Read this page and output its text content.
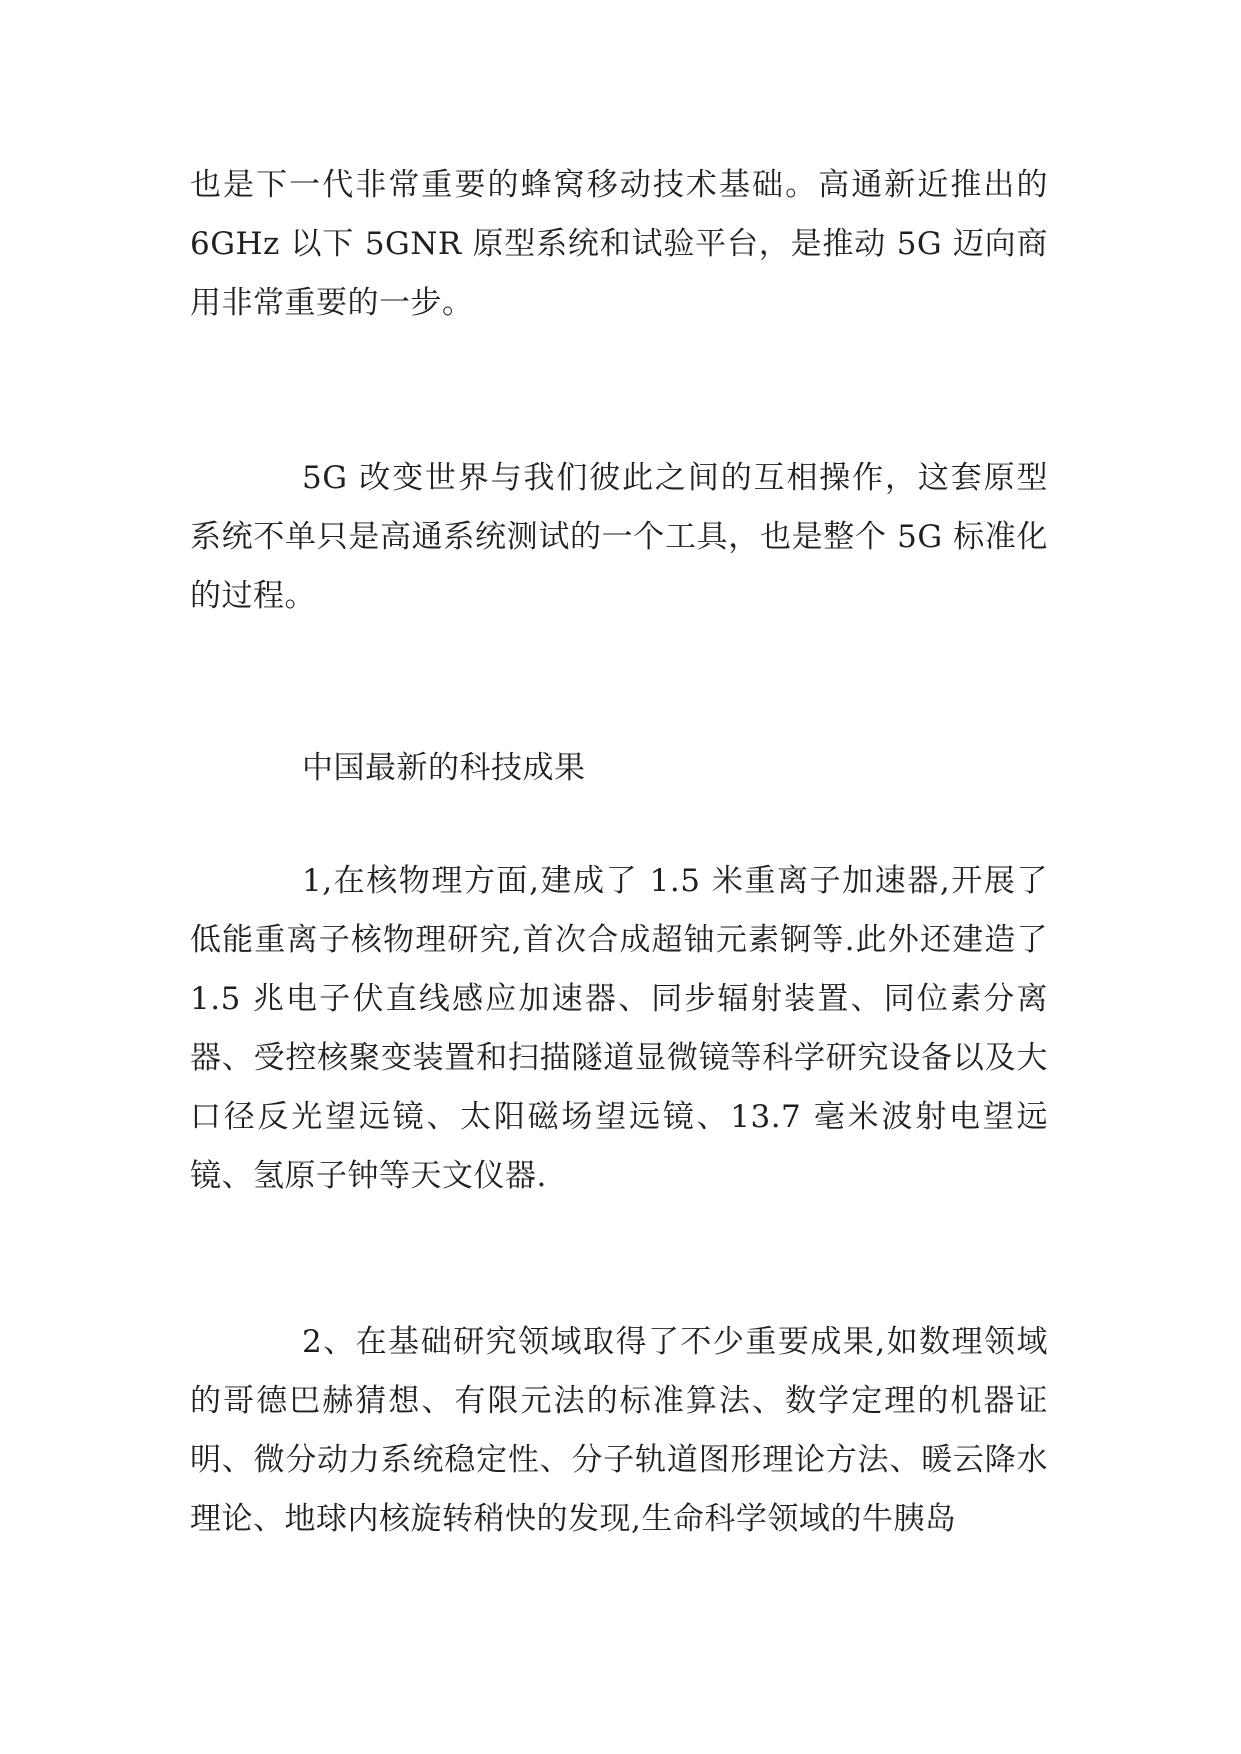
也是下一代非常重要的蜂窝移动技术基础。高通新近推出的6GHz 以下 5GNR 原型系统和试验平台，是推动 5G 迈向商用非常重要的一步。

5G 改变世界与我们彼此之间的互相操作，这套原型系统不单只是高通系统测试的一个工具，也是整个 5G 标准化的过程。

中国最新的科技成果

1,在核物理方面,建成了 1.5 米重离子加速器,开展了低能重离子核物理研究,首次合成超铀元素锕等.此外还建造了 1.5 兆电子伏直线感应加速器、同步辐射装置、同位素分离器、受控核聚变装置和扫描隧道显微镜等科学研究设备以及大口径反光望远镜、太阳磁场望远镜、13.7 毫米波射电望远镜、氢原子钟等天文仪器.

2、在基础研究领域取得了不少重要成果,如数理领域的哥德巴赫猜想、有限元法的标准算法、数学定理的机器证明、微分动力系统稳定性、分子轨道图形理论方法、暖云降水理论、地球内核旋转稍快的发现,生命科学领域的牛胰岛
